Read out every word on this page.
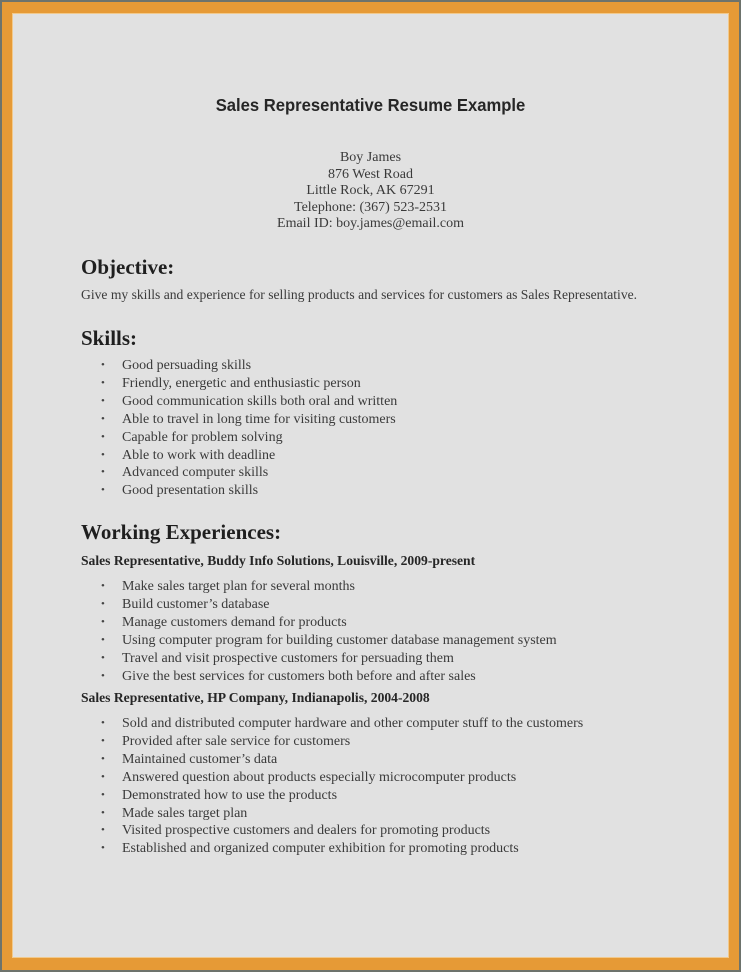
Sales Representative Resume Example
Boy James
876 West Road
Little Rock, AK 67291
Telephone: (367) 523-2531
Email ID: boy.james@email.com
Objective:
Give my skills and experience for selling products and services for customers as Sales Representative.
Skills:
• Good persuading skills
• Friendly, energetic and enthusiastic person
• Good communication skills both oral and written
• Able to travel in long time for visiting customers
• Capable for problem solving
• Able to work with deadline
• Advanced computer skills
• Good presentation skills
Working Experiences:
Sales Representative, Buddy Info Solutions, Louisville, 2009-present
• Make sales target plan for several months
• Build customer’s database
• Manage customers demand for products
• Using computer program for building customer database management system
• Travel and visit prospective customers for persuading them
• Give the best services for customers both before and after sales
Sales Representative, HP Company, Indianapolis, 2004-2008
• Sold and distributed computer hardware and other computer stuff to the customers
• Provided after sale service for customers
• Maintained customer’s data
• Answered question about products especially microcomputer products
• Demonstrated how to use the products
• Made sales target plan
• Visited prospective customers and dealers for promoting products
• Established and organized computer exhibition for promoting products
